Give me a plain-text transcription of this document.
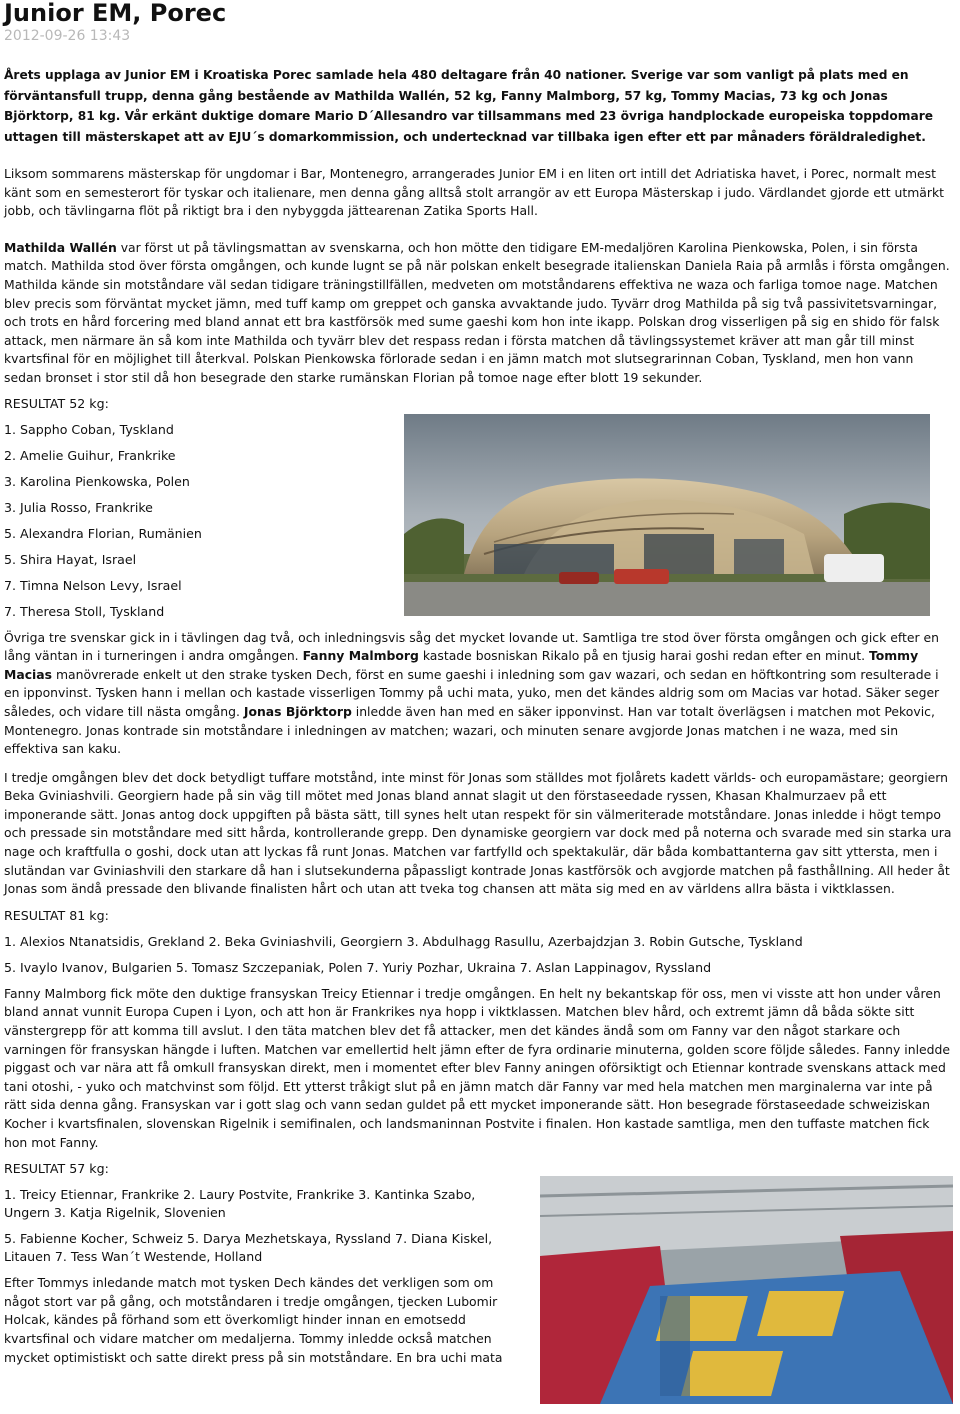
Junior EM, Porec
2012-09-26 13:43

Årets upplaga av Junior EM i Kroatiska Porec samlade hela 480 deltagare från 40 nationer. Sverige var som vanligt på plats med en förväntansfull trupp, denna gång bestående av Mathilda Wallén, 52 kg, Fanny Malmborg, 57 kg, Tommy Macias, 73 kg och Jonas Björktorp, 81 kg. Vår erkänt duktige domare Mario D´Allesandro var tillsammans med 23 övriga handplockade europeiska toppdomare uttagen till mästerskapet att av EJU´s domarkommission, och undertecknad var tillbaka igen efter ett par månaders föräldraledighet.

Liksom sommarens mästerskap för ungdomar i Bar, Montenegro, arrangerades Junior EM i en liten ort intill det Adriatiska havet, i Porec, normalt mest känt som en semesterort för tyskar och italienare, men denna gång alltså stolt arrangör av ett Europa Mästerskap i judo. Värdlandet gjorde ett utmärkt jobb, och tävlingarna flöt på riktigt bra i den nybyggda jättearenan Zatika Sports Hall.

Mathilda Wallén var först ut på tävlingsmattan av svenskarna, och hon mötte den tidigare EM-medaljören Karolina Pienkowska, Polen, i sin första match. Mathilda stod över första omgången, och kunde lugnt se på när polskan enkelt besegrade italienskan Daniela Raia på armlås i första omgången. Mathilda kände sin motståndare väl sedan tidigare träningstillfällen, medveten om motståndarens effektiva ne waza och farliga tomoe nage. Matchen blev precis som förväntat mycket jämn, med tuff kamp om greppet och ganska avvaktande judo. Tyvärr drog Mathilda på sig två passivitetsvarningar, och trots en hård forcering med bland annat ett bra kastförsök med sume gaeshi kom hon inte ikapp. Polskan drog visserligen på sig en shido för falsk attack, men närmare än så kom inte Mathilda och tyvärr blev det respass redan i första matchen då tävlingssystemet kräver att man går till minst kvartsfinal för en möjlighet till återkval. Polskan Pienkowska förlorade sedan i en jämn match mot slutsegrarinnan Coban, Tyskland, men hon vann sedan bronset i stor stil då hon besegrade den starke rumänskan Florian på tomoe nage efter blott 19 sekunder.

RESULTAT 52 kg:
1. Sappho Coban, Tyskland
2. Amelie Guihur, Frankrike
3. Karolina Pienkowska, Polen
3. Julia Rosso, Frankrike
5. Alexandra Florian, Rumänien
5. Shira Hayat, Israel
7. Timna Nelson Levy, Israel
7. Theresa Stoll, Tyskland

Övriga tre svenskar gick in i tävlingen dag två, och inledningsvis såg det mycket lovande ut. Samtliga tre stod över första omgången och gick efter en lång väntan in i turneringen i andra omgången. Fanny Malmborg kastade bosniskan Rikalo på en tjusig harai goshi redan efter en minut. Tommy Macias manövrerade enkelt ut den strake tysken Dech, först en sume gaeshi i inledning som gav wazari, och sedan en höftkontring som resulterade i en ipponvinst. Tysken hann i mellan och kastade visserligen Tommy på uchi mata, yuko, men det kändes aldrig som om Macias var hotad. Säker seger således, och vidare till nästa omgång. Jonas Björktorp inledde även han med en säker ipponvinst. Han var totalt överlägsen i matchen mot Pekovic, Montenegro. Jonas kontrade sin motståndare i inledningen av matchen; wazari, och minuten senare avgjorde Jonas matchen i ne waza, med sin effektiva san kaku.

I tredje omgången blev det dock betydligt tuffare motstånd, inte minst för Jonas som ställdes mot fjolårets kadett världs- och europamästare; georgiern Beka Gviniashvili. Georgiern hade på sin väg till mötet med Jonas bland annat slagit ut den förstaseedade ryssen, Khasan Khalmurzaev på ett imponerande sätt. Jonas antog dock uppgiften på bästa sätt, till synes helt utan respekt för sin välmeriterade motståndare. Jonas inledde i högt tempo och pressade sin motståndare med sitt hårda, kontrollerande grepp. Den dynamiske georgiern var dock med på noterna och svarade med sin starka ura nage och kraftfulla o goshi, dock utan att lyckas få runt Jonas. Matchen var fartfylld och spektakulär, där båda kombattanterna gav sitt yttersta, men i slutändan var Gviniashvili den starkare då han i slutsekunderna påpassligt kontrade Jonas kastförsök och avgjorde matchen på fasthållning. All heder åt Jonas som ändå pressade den blivande finalisten hårt och utan att tveka tog chansen att mäta sig med en av världens allra bästa i viktklassen.

RESULTAT 81 kg:
1. Alexios Ntanatsidis, Grekland 2. Beka Gviniashvili, Georgiern 3. Abdulhagg Rasullu, Azerbajdzjan 3. Robin Gutsche, Tyskland
5. Ivaylo Ivanov, Bulgarien 5. Tomasz Szczepaniak, Polen 7. Yuriy Pozhar, Ukraina 7. Aslan Lappinagov, Ryssland

Fanny Malmborg fick möte den duktige fransyskan Treicy Etiennar i tredje omgången. En helt ny bekantskap för oss, men vi visste att hon under våren bland annat vunnit Europa Cupen i Lyon, och att hon är Frankrikes nya hopp i viktklassen. Matchen blev hård, och extremt jämn då båda sökte sitt vänstergrepp för att komma till avslut. I den täta matchen blev det få attacker, men det kändes ändå som om Fanny var den något starkare och varningen för fransyskan hängde i luften. Matchen var emellertid helt jämn efter de fyra ordinarie minuterna, golden score följde således. Fanny inledde piggast och var nära att få omkull fransyskan direkt, men i momentet efter blev Fanny aningen oförsiktigt och Etiennar kontrade svenskans attack med tani otoshi, - yuko och matchvinst som följd. Ett ytterst tråkigt slut på en jämn match där Fanny var med hela matchen men marginalerna var inte på rätt sida denna gång. Fransyskan var i gott slag och vann sedan guldet på ett mycket imponerande sätt. Hon besegrade förstaseedade schweiziskan Kocher i kvartsfinalen, slovenskan Rigelnik i semifinalen, och landsmaninnan Postvite i finalen. Hon kastade samtliga, men den tuffaste matchen fick hon mot Fanny.

RESULTAT 57 kg:
1. Treicy Etiennar, Frankrike 2. Laury Postvite, Frankrike 3. Kantinka Szabo, Ungern 3. Katja Rigelnik, Slovenien
5. Fabienne Kocher, Schweiz 5. Darya Mezhetskaya, Ryssland 7. Diana Kiskel, Litauen 7. Tess Wan´t Westende, Holland

Efter Tommys inledande match mot tysken Dech kändes det verkligen som om något stort var på gång, och motståndaren i tredje omgången, tjecken Lubomir Holcak, kändes på förhand som ett överkomligt hinder innan en emotsedd kvartsfinal och vidare matcher om medaljerna. Tommy inledde också matchen mycket optimistiskt och satte direkt press på sin motståndare. En bra uchi mata
